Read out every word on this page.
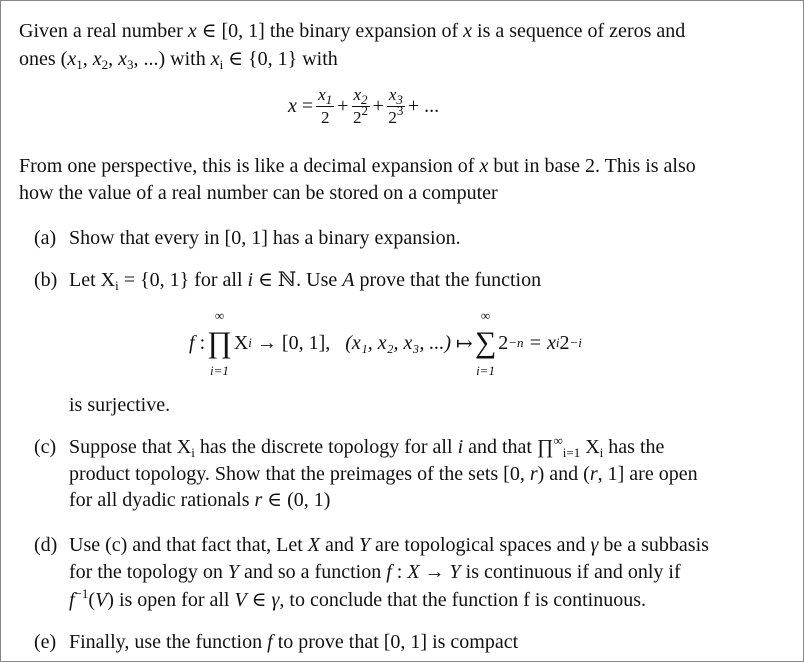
Given a real number x ∈ [0, 1] the binary expansion of x is a sequence of zeros and
ones ($x_1$, $x_2$, $x_3$, ...) with $x_i$ ∈ {0, 1} with
x
= $\frac{x_1}{2} + \frac{x_2}{2^2} + \frac{x_3}{2^3}$ + ...
From one perspective, this is like a decimal expansion of x but in base 2. This is also
how the value of a real number can be stored on a computer
(a) Show that every in [0, 1] has a binary expansion.
(b) Let $X_i = \{0$, 1} for all i ∈ ℕ. Use A prove that the function
f
:
∞
∏
i=1
X i
→ [0, 1],
(x₁, x₂, x₃, ...)
↦
∞
∑
i=1
2 −n
= x i 2 −i
is surjective.
(c) Suppose that $X_i$ has the discrete topology for all i and that $\prod^\infty_{i=1}$ $X_i$ has the
product topology. Show that the preimages of the sets [0, r) and (r, 1] are open
for all dyadic rationals r ∈ (0, 1)
(d) Use (c) and that fact that, Let X and Y are topological spaces and γ be a subbasis
for the topology on Y and so a function f : X → Y is continuous if and only if
$f^{-1}(V)$ is open for all V ∈ γ, to conclude that the function f is continuous.
(e) Finally, use the function f to prove that [0, 1] is compact
